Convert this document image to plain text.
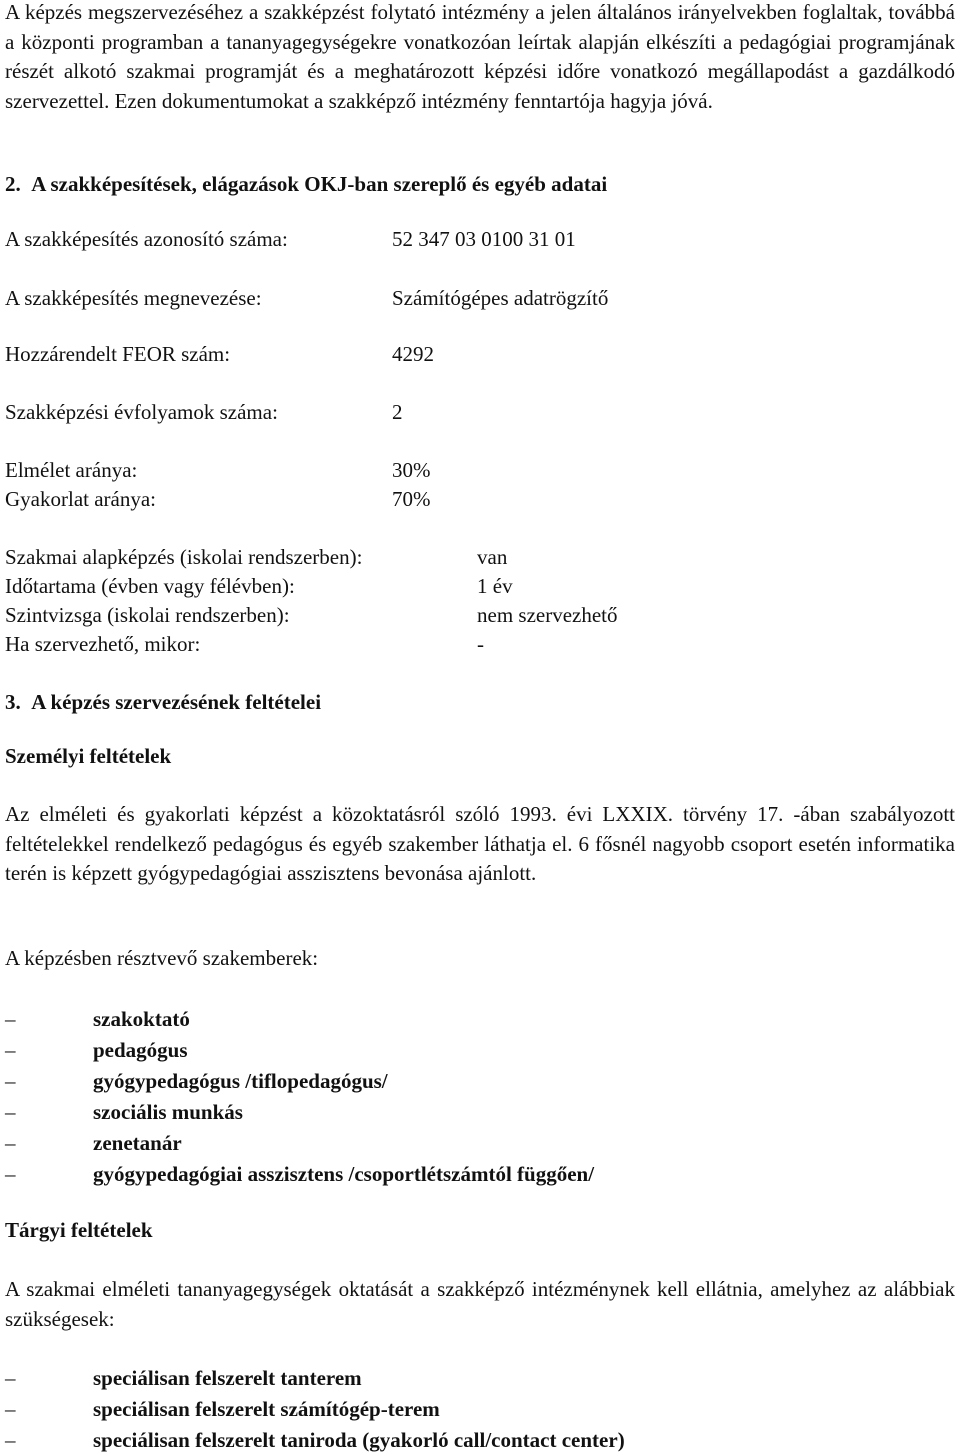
A képzés megszervezéséhez a szakképzést folytató intézmény a jelen általános irányelvekben foglaltak, továbbá a központi programban a tananyagegységekre vonatkozóan leírtak alapján elkészíti a pedagógiai programjának részét alkotó szakmai programját és a meghatározott képzési időre vonatkozó megállapodást a gazdálkodó szervezettel. Ezen dokumentumokat a szakképző intézmény fenntartója hagyja jóvá.

2.  A szakképesítések, elágazások OKJ-ban szereplő és egyéb adatai

A szakképesítés azonosító száma:	52 347 03 0100 31 01
A szakképesítés megnevezése:	Számítógépes adatrögzítő
Hozzárendelt FEOR szám:	4292
Szakképzési évfolyamok száma:	2
Elmélet aránya:	30%
Gyakorlat aránya:	70%
Szakmai alapképzés (iskolai rendszerben):	van
Időtartama (évben vagy félévben):	1 év
Szintvizsga (iskolai rendszerben):	nem szervezhető
Ha szervezhető, mikor:	-

3.  A képzés szervezésének feltételei

Személyi feltételek

Az elméleti és gyakorlati képzést a közoktatásról szóló 1993. évi LXXIX. törvény 17. -ában szabályozott feltételekkel rendelkező pedagógus és egyéb szakember láthatja el. 6 fősnél nagyobb csoport esetén informatika terén is képzett gyógypedagógiai asszisztens bevonása ajánlott.

A képzésben résztvevő szakemberek:

–	szakoktató
–	pedagógus
–	gyógypedagógus /tiflopedagógus/
–	szociális munkás
–	zenetanár
–	gyógypedagógiai asszisztens /csoportlétszámtól függően/

Tárgyi feltételek

A szakmai elméleti tananyagegységek oktatását a szakképző intézménynek kell ellátnia, amelyhez az alábbiak szükségesek:

–	speciálisan felszerelt tanterem
–	speciálisan felszerelt számítógép-terem
–	speciálisan felszerelt tanirodа (gyakorló call/contact center)
